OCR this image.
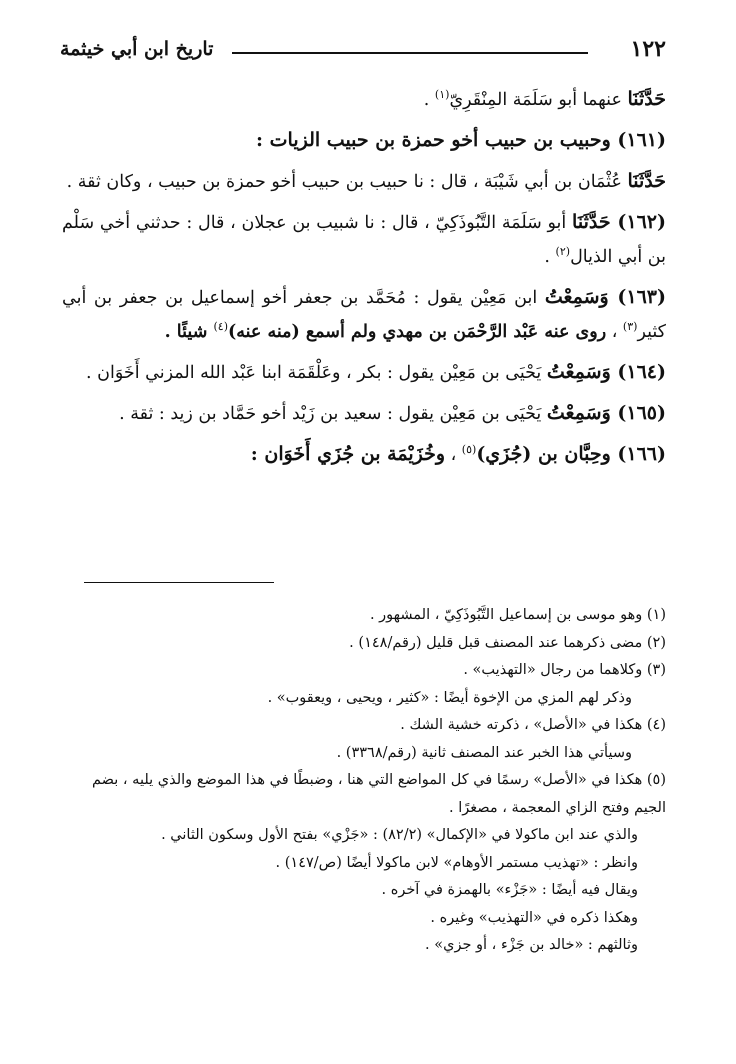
١٢٢
تاريخ ابن أبي خيثمة

حَدَّثَنَا عنهما أبو سَلَمَة المِنْقَرِيّ$^{(١)}$ .

(١٦١) وحبيب بن حبيب أخو حمزة بن حبيب الزيات :

حَدَّثَنَا عُثْمَان بن أبي شَيْبَة ، قال : نا حبيب بن حبيب أخو حمزة بن حبيب ، وكان ثقة .

(١٦٢) حَدَّثَنَا أبو سَلَمَة التَّبُوذَكِيّ ، قال : نا شبيب بن عجلان ، قال : حدثني أخي سَلْم بن أبي الذيال$^{(٢)}$ .

(١٦٣) وَسَمِعْتُ ابن مَعِيْن يقول : مُحَمَّد بن جعفر أخو إسماعيل بن جعفر بن أبي كثير$^{(٣)}$ ، روى عنه عَبْد الرَّحْمَن بن مهدي ولم أسمع (منه عنه)$^{(٤)}$ شيئًا .

(١٦٤) وَسَمِعْتُ يَحْيَى بن مَعِيْن يقول : بكر ، وعَلْقَمَة ابنا عَبْد الله المزني أَخَوَان .

(١٦٥) وَسَمِعْتُ يَحْيَى بن مَعِيْن يقول : سعيد بن زَيْد أخو حَمَّاد بن زيد : ثقة .

(١٦٦) وحِبَّان بن (جُزَي)$^{(٥)}$ ، وخُزَيْمَة بن جُزَي أَخَوَان :

(١) وهو موسى بن إسماعيل التَّبُوذَكِيّ ، المشهور .

(٢) مضى ذكرهما عند المصنف قبل قليل (رقم/١٤٨) .

(٣) وكلاهما من رجال «التهذيب» .

وذكر لهم المزي من الإخوة أيضًا : «كثير ، ويحيى ، ويعقوب» .

(٤) هكذا في «الأصل» ، ذكرته خشية الشك .

وسيأتي هذا الخبر عند المصنف ثانية (رقم/٣٣٦٨) .

(٥) هكذا في «الأصل» رسمًا في كل المواضع التي هنا ، وضبطًا في هذا الموضع والذي يليه ، بضم الجيم وفتح الزاي المعجمة ، مصغرًا .

والذي عند ابن ماكولا في «الإكمال» (٨٢/٢) : «جَزْي» بفتح الأول وسكون الثاني .

وانظر : «تهذيب مستمر الأوهام» لابن ماكولا أيضًا (ص/١٤٧) .

ويقال فيه أيضًا : «جَزْء» بالهمزة في آخره .

وهكذا ذكره في «التهذيب» وغيره .

وثالثهم : «خالد بن جَزْء ، أو جزي» .
